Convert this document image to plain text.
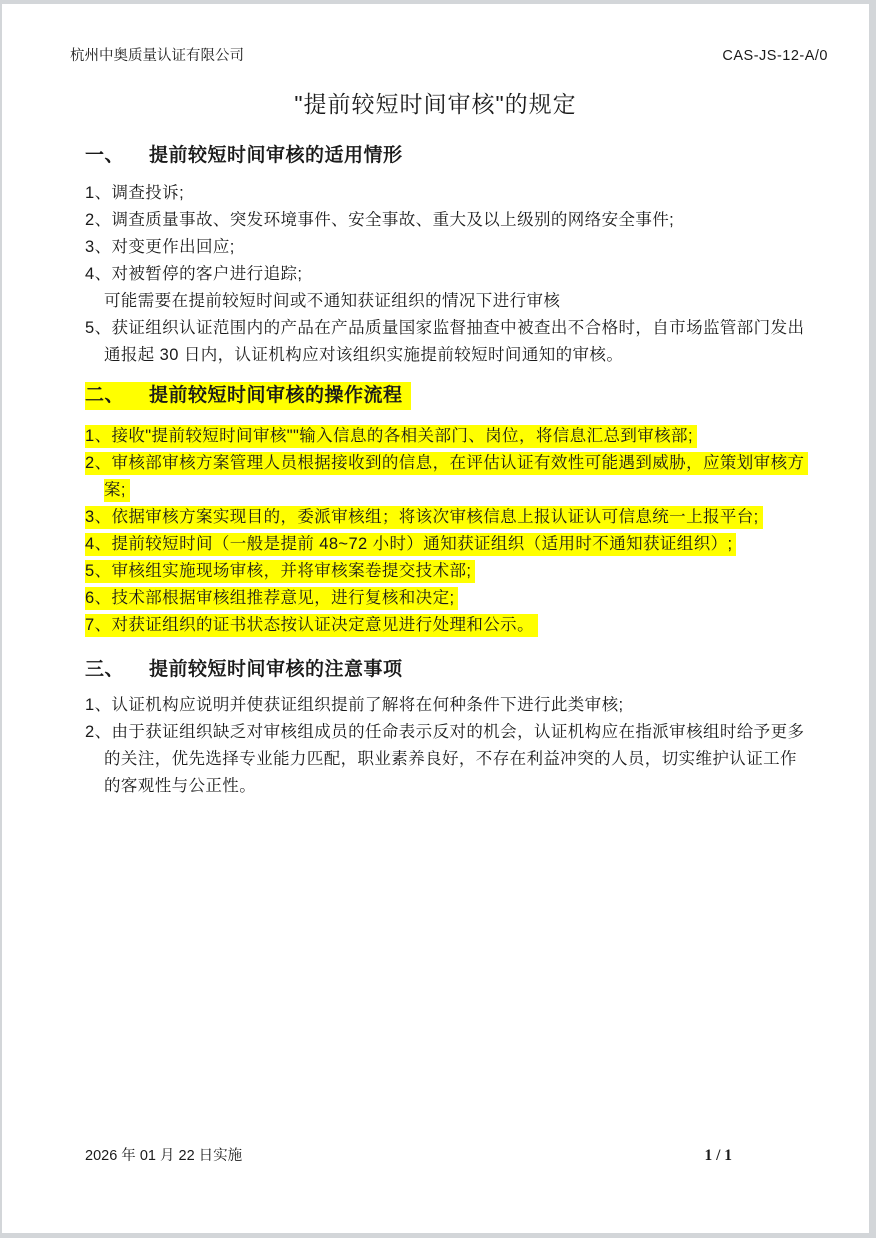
杭州中奥质量认证有限公司	CAS-JS-12-A/0
"提前较短时间审核"的规定
一、 提前较短时间审核的适用情形
1、调查投诉;
2、调查质量事故、突发环境事件、安全事故、重大及以上级别的网络安全事件;
3、对变更作出回应;
4、对被暂停的客户进行追踪;
可能需要在提前较短时间或不通知获证组织的情况下进行审核
5、获证组织认证范围内的产品在产品质量国家监督抽查中被查出不合格时，自市场监管部门发出
通报起 30 日内，认证机构应对该组织实施提前较短时间通知的审核。
二、 提前较短时间审核的操作流程
1、接收"提前较短时间审核""输入信息的各相关部门、岗位，将信息汇总到审核部;
2、审核部审核方案管理人员根据接收到的信息，在评估认证有效性可能遇到威胁，应策划审核方
案;
3、依据审核方案实现目的，委派审核组；将该次审核信息上报认证认可信息统一上报平台;
4、提前较短时间（一般是提前 48~72 小时）通知获证组织（适用时不通知获证组织）;
5、审核组实施现场审核，并将审核案卷提交技术部;
6、技术部根据审核组推荐意见，进行复核和决定;
7、对获证组织的证书状态按认证决定意见进行处理和公示。
三、 提前较短时间审核的注意事项
1、认证机构应说明并使获证组织提前了解将在何种条件下进行此类审核;
2、由于获证组织缺乏对审核组成员的任命表示反对的机会，认证机构应在指派审核组时给予更多
的关注，优先选择专业能力匹配，职业素养良好，不存在利益冲突的人员，切实维护认证工作
的客观性与公正性。
2026 年 01 月 22 日实施	1 / 1
